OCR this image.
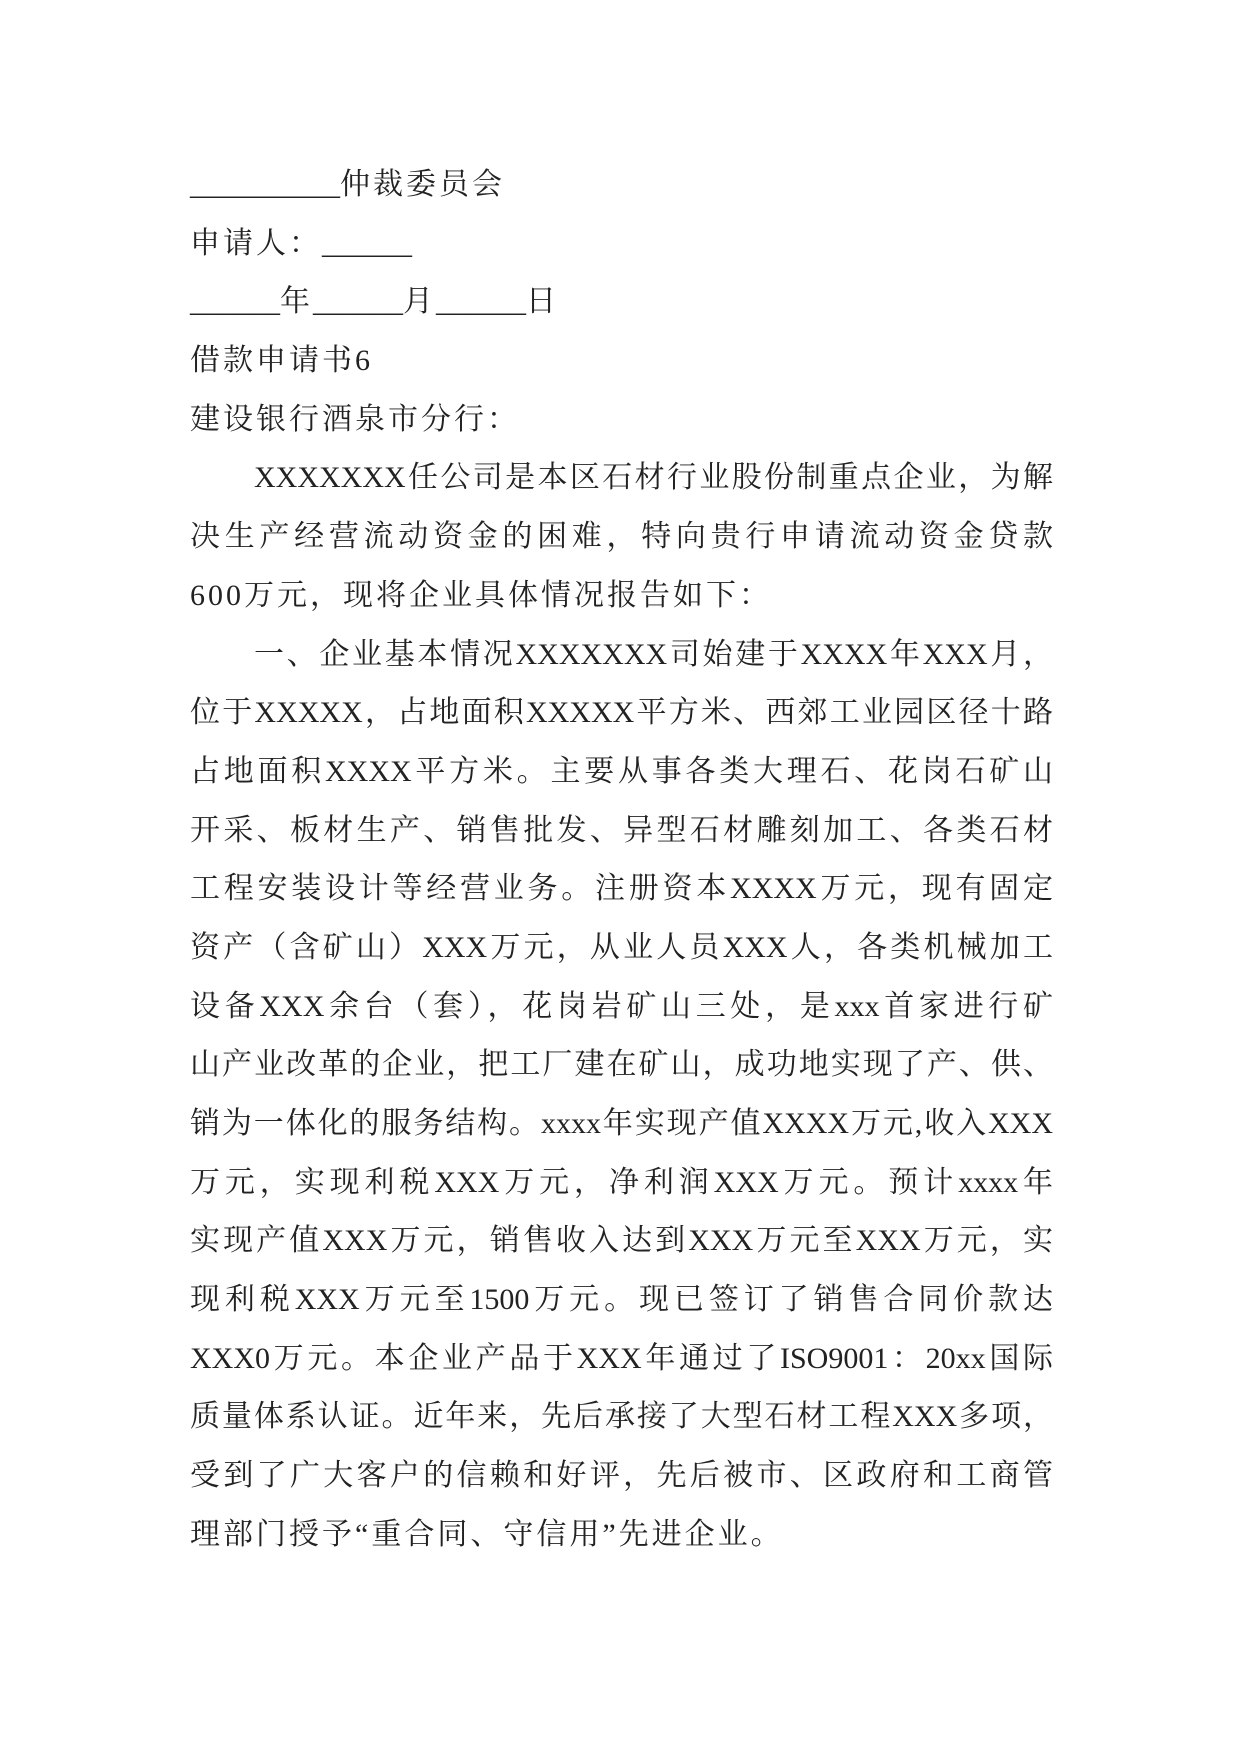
__________仲裁委员会
申请人：______
______年______月______日
借款申请书6
建设银行酒泉市分行：
XXXXXXX任公司是本区石材行业股份制重点企业，为解
决生产经营流动资金的困难，特向贵行申请流动资金贷款
600万元，现将企业具体情况报告如下：
一、企业基本情况XXXXXXX司始建于XXXX年XXX月，
位于XXXXX，占地面积XXXXX平方米、西郊工业园区径十路
占地面积XXXX平方米。主要从事各类大理石、花岗石矿山
开采、板材生产、销售批发、异型石材雕刻加工、各类石材
工程安装设计等经营业务。注册资本XXXX万元，现有固定
资产（含矿山）XXX万元，从业人员XXX人，各类机械加工
设备XXX余台（套），花岗岩矿山三处，是xxx首家进行矿
山产业改革的企业，把工厂建在矿山，成功地实现了产、供、
销为一体化的服务结构。xxxx年实现产值XXXX万元,收入XXX
万元，实现利税XXX万元，净利润XXX万元。预计xxxx年
实现产值XXX万元，销售收入达到XXX万元至XXX万元，实
现利税XXX万元至1500万元。现已签订了销售合同价款达
XXX0万元。本企业产品于XXX年通过了ISO9001：20xx国际
质量体系认证。近年来，先后承接了大型石材工程XXX多项，
受到了广大客户的信赖和好评，先后被市、区政府和工商管
理部门授予“重合同、守信用”先进企业。
